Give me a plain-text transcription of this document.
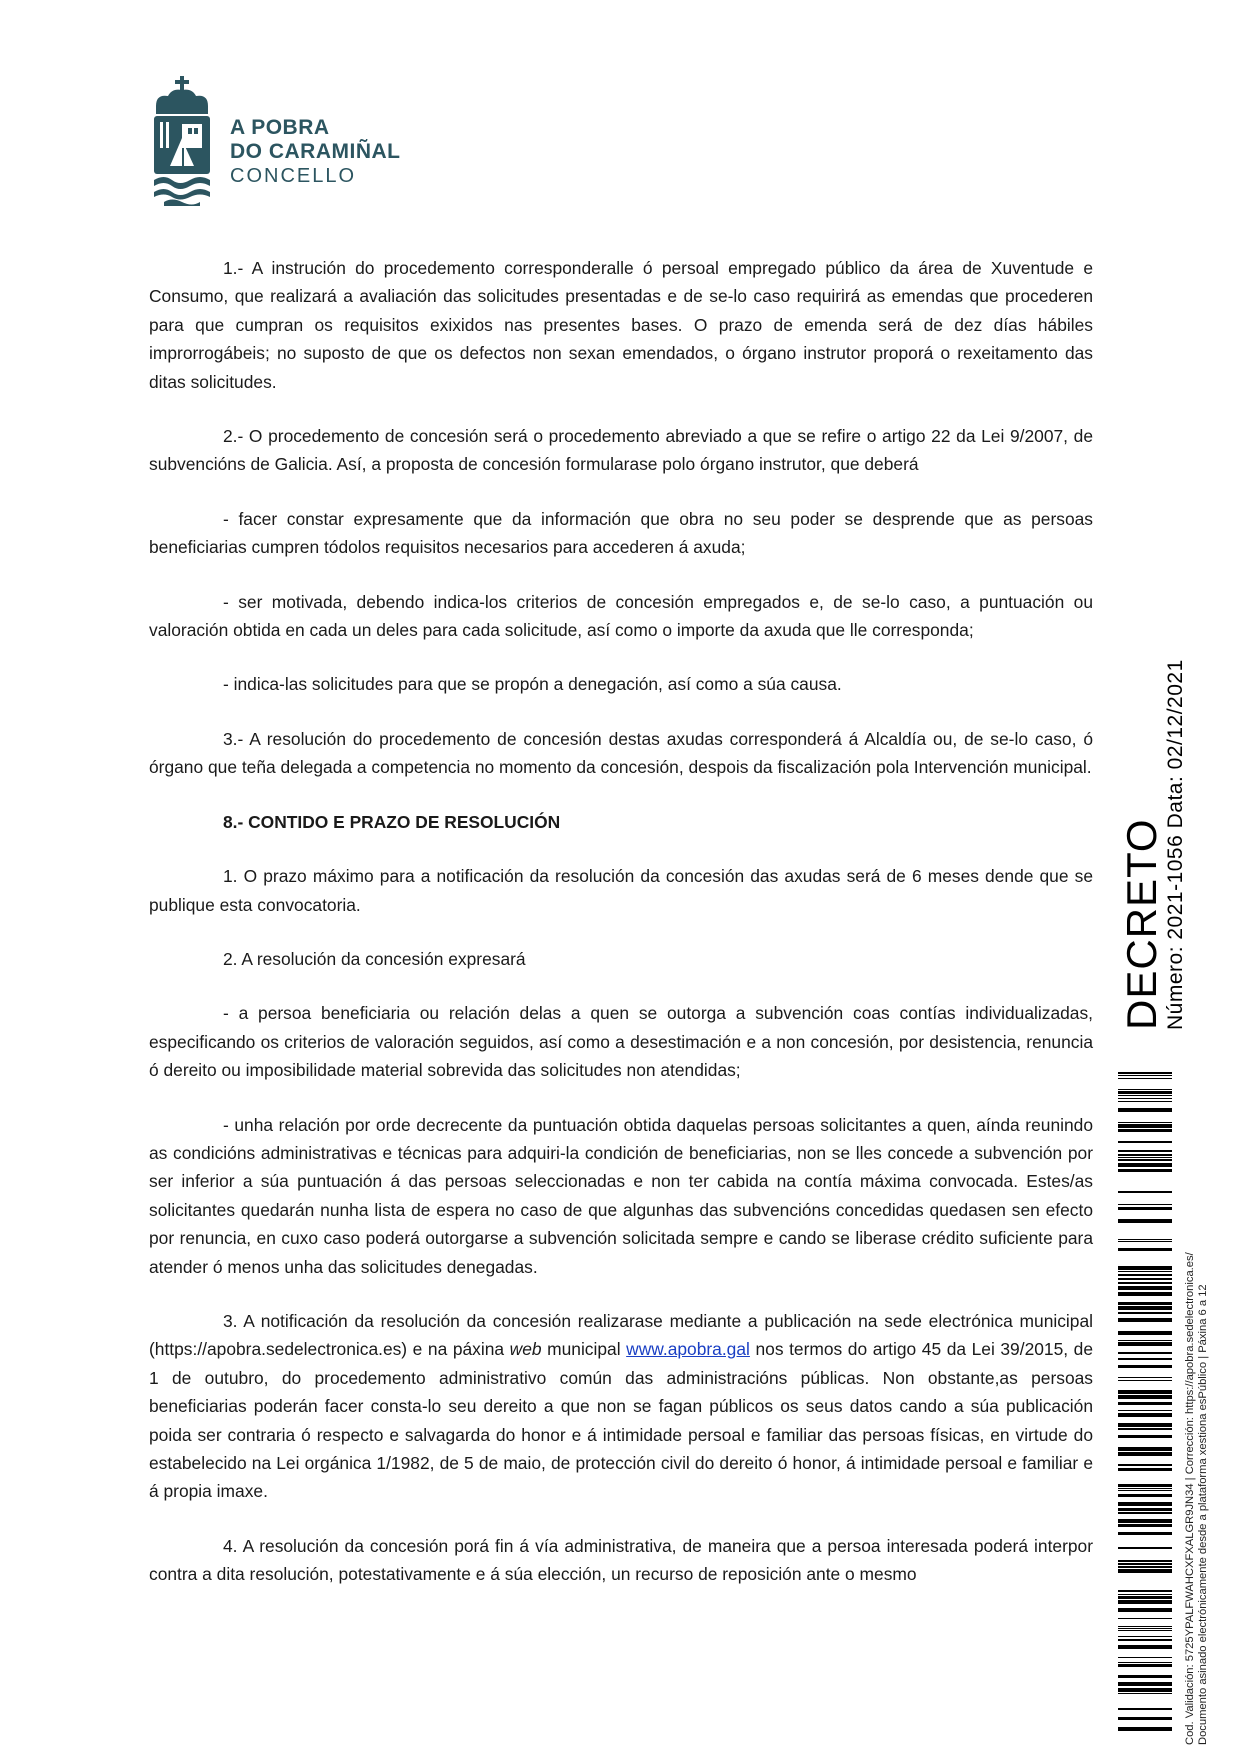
A POBRA
DO CARAMIÑAL
CONCELLO

1.- A instrución do procedemento corresponderalle ó persoal empregado público da área de Xuventude e Consumo, que realizará a avaliación das solicitudes presentadas e de se-lo caso requirirá as emendas que procederen para que cumpran os requisitos exixidos nas presentes bases. O prazo de emenda será de dez días hábiles improrrogábeis; no suposto de que os defectos non sexan emendados, o órgano instrutor proporá o rexeitamento das ditas solicitudes.

2.- O procedemento de concesión será o procedemento abreviado a que se refire o artigo 22 da Lei 9/2007, de subvencións de Galicia. Así, a proposta de concesión formularase polo órgano instrutor, que deberá

- facer constar expresamente que da información que obra no seu poder se desprende que as persoas beneficiarias cumpren tódolos requisitos necesarios para accederen á axuda;

- ser motivada, debendo indica-los criterios de concesión empregados e, de se-lo caso, a puntuación ou valoración obtida en cada un deles para cada solicitude, así como o importe da axuda que lle corresponda;

- indica-las solicitudes para que se propón a denegación, así como a súa causa.

3.- A resolución do procedemento de concesión destas axudas corresponderá á Alcaldía ou, de se-lo caso, ó órgano que teña delegada a competencia no momento da concesión, despois da fiscalización pola Intervención municipal.

8.- CONTIDO E PRAZO DE RESOLUCIÓN

1. O prazo máximo para a notificación da resolución da concesión das axudas será de 6 meses dende que se publique esta convocatoria.

2. A resolución da concesión expresará

- a persoa beneficiaria ou relación delas a quen se outorga a subvención coas contías individualizadas, especificando os criterios de valoración seguidos, así como a desestimación e a non concesión, por desistencia, renuncia ó dereito ou imposibilidade material sobrevida das solicitudes non atendidas;

- unha relación por orde decrecente da puntuación obtida daquelas persoas solicitantes a quen, aínda reunindo as condicións administrativas e técnicas para adquiri-la condición de beneficiarias, non se lles concede a subvención por ser inferior a súa puntuación á das persoas seleccionadas e non ter cabida na contía máxima convocada. Estes/as solicitantes quedarán nunha lista de espera no caso de que algunhas das subvencións concedidas quedasen sen efecto por renuncia, en cuxo caso poderá outorgarse a subvención solicitada sempre e cando se liberase crédito suficiente para atender ó menos unha das solicitudes denegadas.

3. A notificación da resolución da concesión realizarase mediante a publicación na sede electrónica municipal (https://apobra.sedelectronica.es) e na páxina web municipal www.apobra.gal nos termos do artigo 45 da Lei 39/2015, de 1 de outubro, do procedemento administrativo común das administracións públicas. Non obstante,as persoas beneficiarias poderán facer consta-lo seu dereito a que non se fagan públicos os seus datos cando a súa publicación poida ser contraria ó respecto e salvagarda do honor e á intimidade persoal e familiar das persoas físicas, en virtude do estabelecido na Lei orgánica 1/1982, de 5 de maio, de protección civil do dereito ó honor, á intimidade persoal e familiar e á propia imaxe.

4. A resolución da concesión porá fin á vía administrativa, de maneira que a persoa interesada poderá interpor contra a dita resolución, potestativamente e á súa elección, un recurso de reposición ante o mesmo

DECRETO Número: 2021-1056 Data: 02/12/2021
Cod. Validación: 5725YPALFWAHCXFXALGR9JN34 | Corrección: https://apobra.sedelectronica.es/ Documento asinado electrónicamente desde a plataforma xestiona esPúblico | Páxina 6 a 12
